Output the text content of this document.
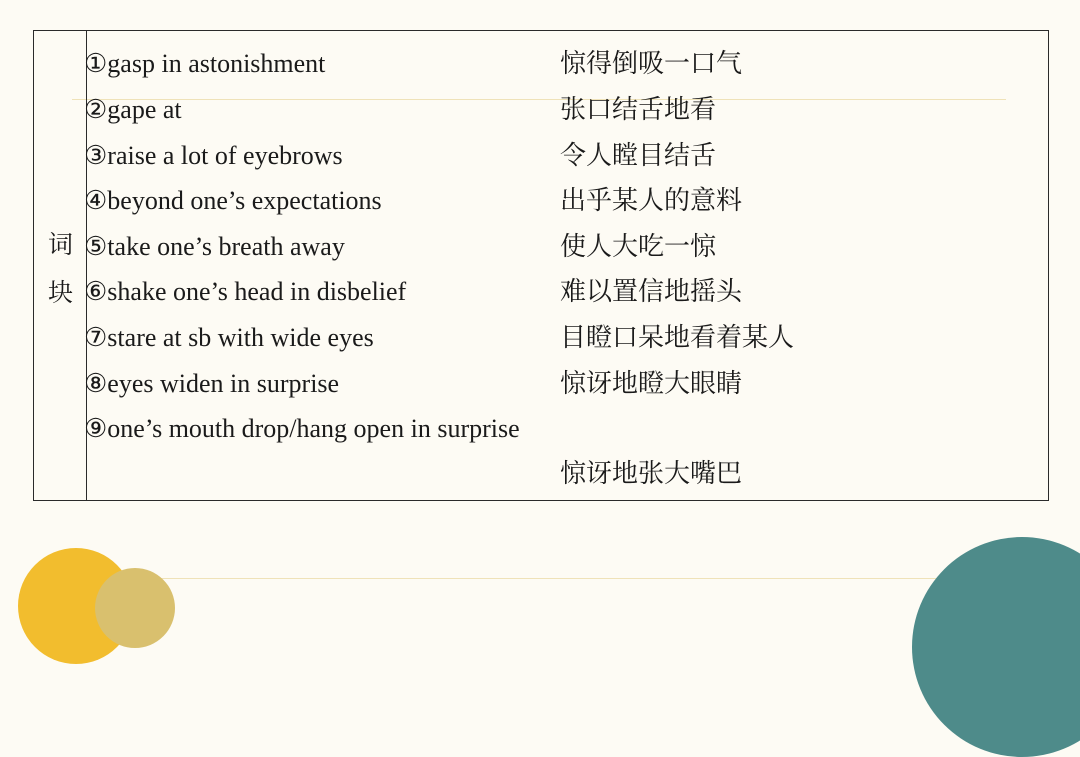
词
块
①gasp in astonishment
②gape at
③raise a lot of eyebrows
④beyond one’s expectations
⑤take one’s breath away
⑥shake one’s head in disbelief
⑦stare at sb with wide eyes
⑧eyes widen in surprise
⑨one’s mouth drop/hang open in surprise
惊得倒吸一口气
张口结舌地看
令人瞠目结舌
出乎某人的意料
使人大吃一惊
难以置信地摇头
目瞪口呆地看着某人
惊讶地瞪大眼睛
惊讶地张大嘴巴
